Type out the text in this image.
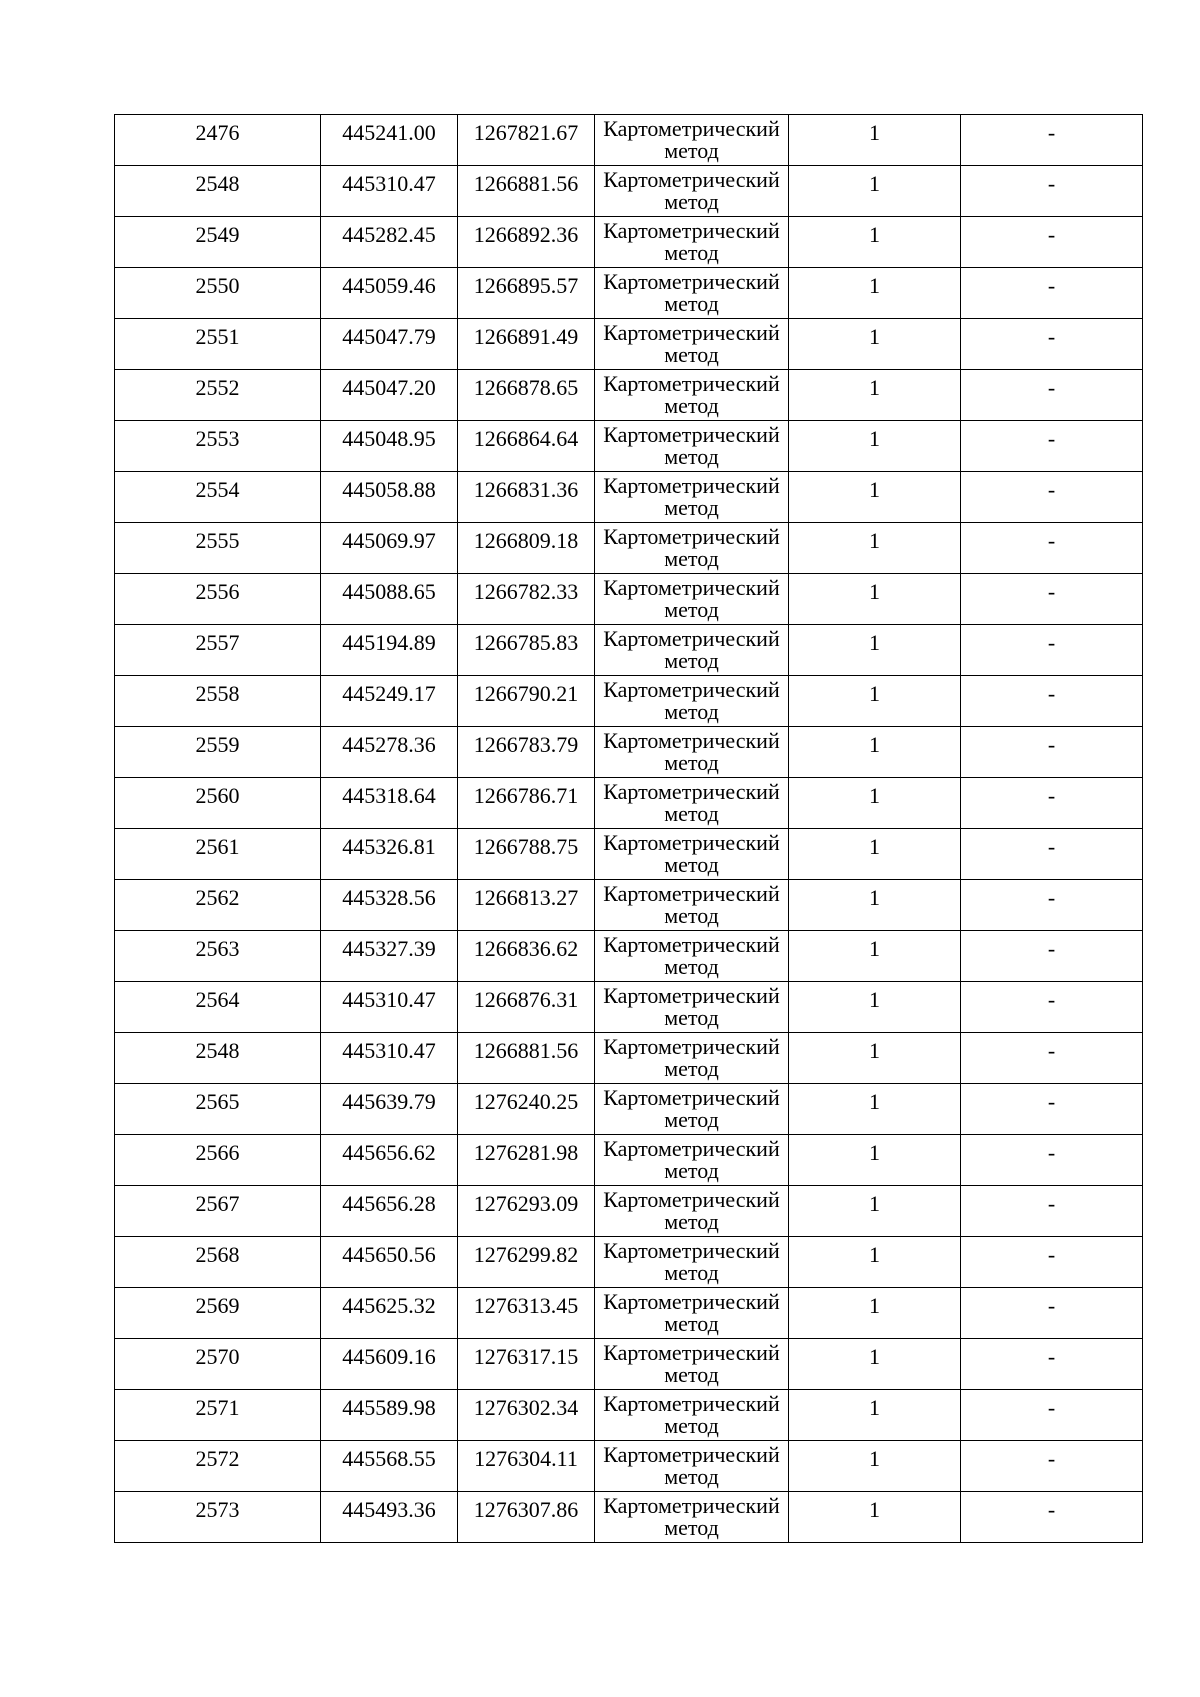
2476	445241.00	1267821.67	Картометрический
метод	1	-

2548	445310.47	1266881.56	Картометрический
метод	1	-

2549	445282.45	1266892.36	Картометрический
метод	1	-

2550	445059.46	1266895.57	Картометрический
метод	1	-

2551	445047.79	1266891.49	Картометрический
метод	1	-

2552	445047.20	1266878.65	Картометрический
метод	1	-

2553	445048.95	1266864.64	Картометрический
метод	1	-

2554	445058.88	1266831.36	Картометрический
метод	1	-

2555	445069.97	1266809.18	Картометрический
метод	1	-

2556	445088.65	1266782.33	Картометрический
метод	1	-

2557	445194.89	1266785.83	Картометрический
метод	1	-

2558	445249.17	1266790.21	Картометрический
метод	1	-

2559	445278.36	1266783.79	Картометрический
метод	1	-

2560	445318.64	1266786.71	Картометрический
метод	1	-

2561	445326.81	1266788.75	Картометрический
метод	1	-

2562	445328.56	1266813.27	Картометрический
метод	1	-

2563	445327.39	1266836.62	Картометрический
метод	1	-

2564	445310.47	1266876.31	Картометрический
метод	1	-

2548	445310.47	1266881.56	Картометрический
метод	1	-

2565	445639.79	1276240.25	Картометрический
метод	1	-

2566	445656.62	1276281.98	Картометрический
метод	1	-

2567	445656.28	1276293.09	Картометрический
метод	1	-

2568	445650.56	1276299.82	Картометрический
метод	1	-

2569	445625.32	1276313.45	Картометрический
метод	1	-

2570	445609.16	1276317.15	Картометрический
метод	1	-

2571	445589.98	1276302.34	Картометрический
метод	1	-

2572	445568.55	1276304.11	Картометрический
метод	1	-

2573	445493.36	1276307.86	Картометрический
метод	1	-
